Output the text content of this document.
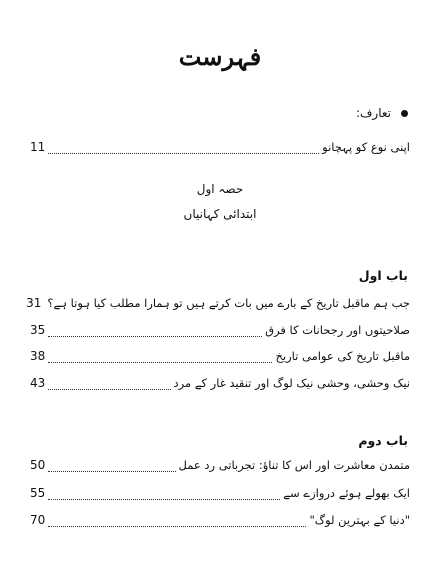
فہرست
تعارف:
اپنی نوع کو پہچانو
11
حصہ اول
ابتدائی کہانیاں
باب اول
جب ہم ماقبل تاریخ کے بارے میں بات کرتے ہیں تو ہمارا مطلب کیا ہوتا ہے؟
31
صلاحیتوں اور رجحانات کا فرق
35
ماقبل تاریخ کی عوامی تاریخ
38
نیک وحشی، وحشی نیک لوگ اور تنقید غار کے مرد
43
باب دوم
متمدن معاشرت اور اس کا تناؤ: تجرباتی رد عمل
50
ایک بھولے ہوئے دروازے سے
55
"دنیا کے بہترین لوگ"
70
